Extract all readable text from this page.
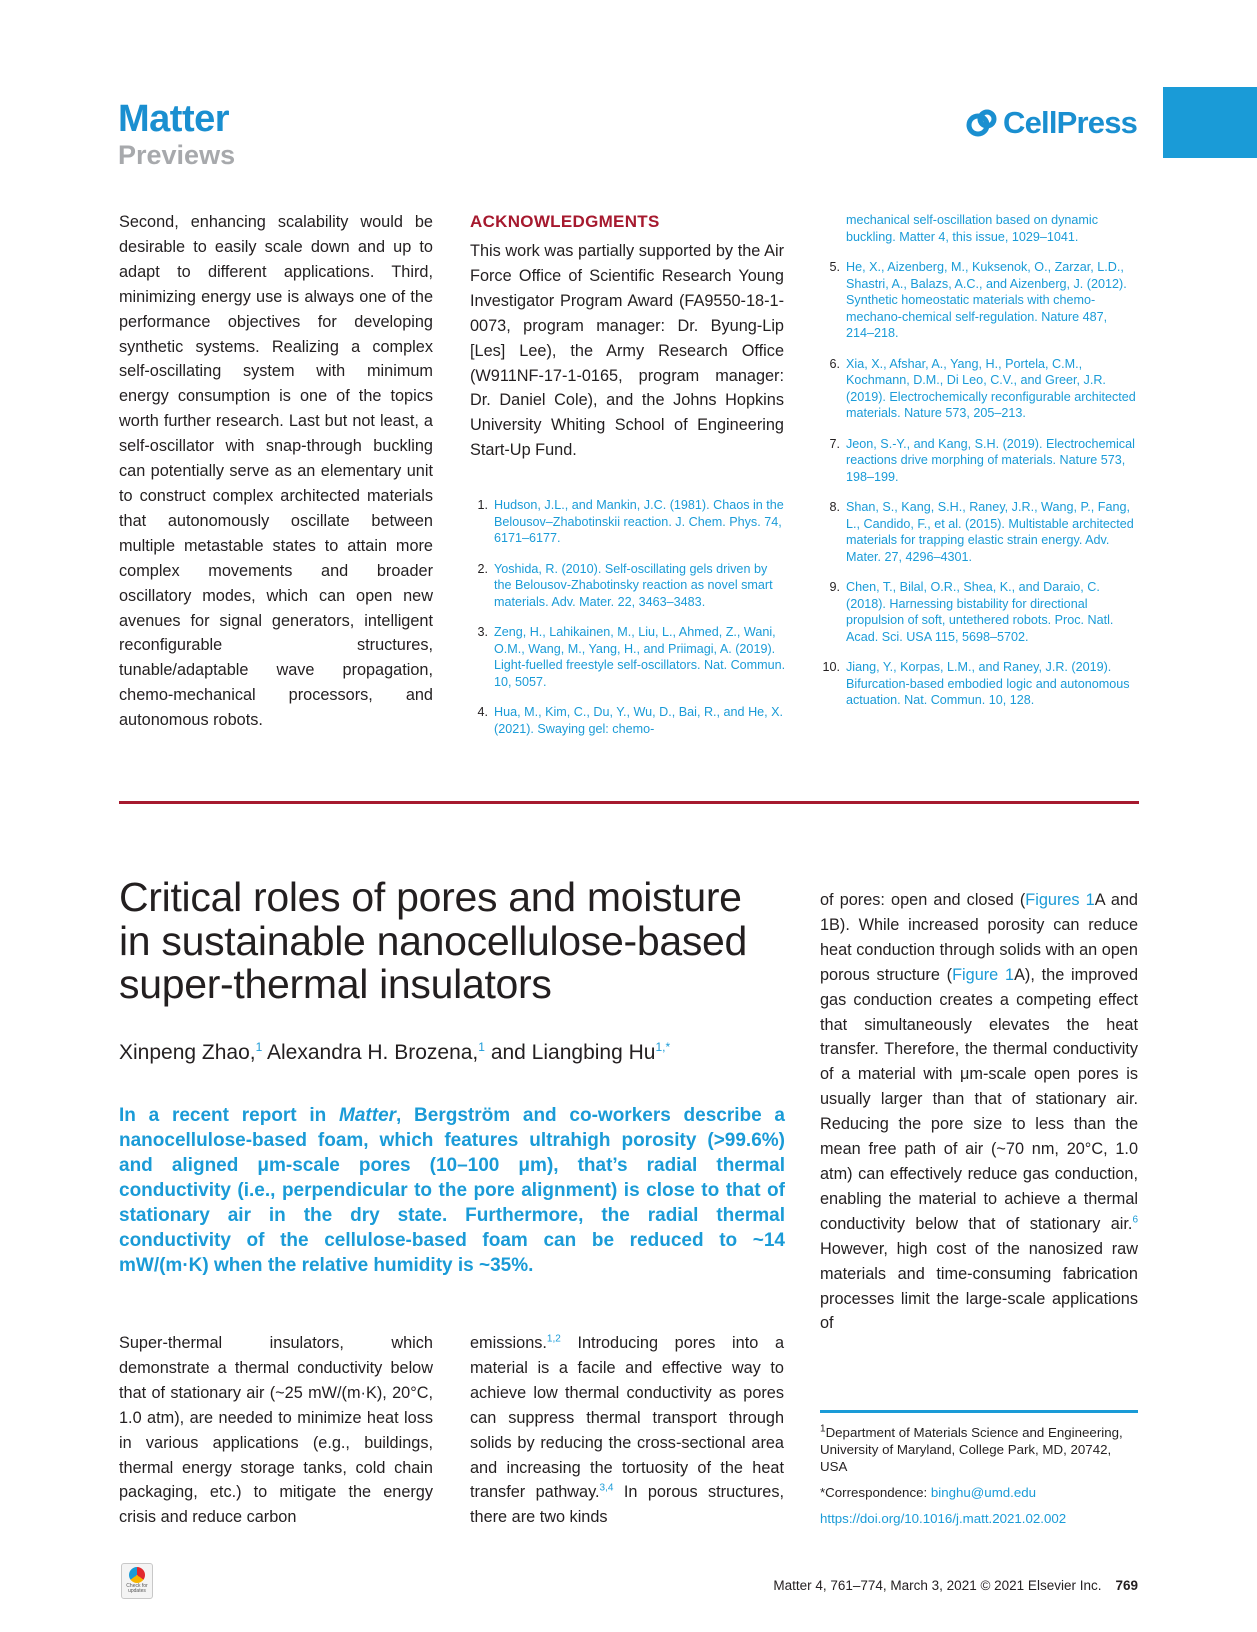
Matter
Previews
CellPress

Second, enhancing scalability would be desirable to easily scale down and up to adapt to different applications. Third, minimizing energy use is always one of the performance objectives for developing synthetic systems. Realizing a complex self-oscillating system with minimum energy consumption is one of the topics worth further research. Last but not least, a self-oscillator with snap-through buckling can potentially serve as an elementary unit to construct complex architected materials that autonomously oscillate between multiple metastable states to attain more complex movements and broader oscillatory modes, which can open new avenues for signal generators, intelligent reconfigurable structures, tunable/adaptable wave propagation, chemo-mechanical processors, and autonomous robots.

ACKNOWLEDGMENTS
This work was partially supported by the Air Force Office of Scientific Research Young Investigator Program Award (FA9550-18-1-0073, program manager: Dr. Byung-Lip [Les] Lee), the Army Research Office (W911NF-17-1-0165, program manager: Dr. Daniel Cole), and the Johns Hopkins University Whiting School of Engineering Start-Up Fund.
1. Hudson, J.L., and Mankin, J.C. (1981). Chaos in the Belousov–Zhabotinskii reaction. J. Chem. Phys. 74, 6171–6177.
2. Yoshida, R. (2010). Self-oscillating gels driven by the Belousov-Zhabotinsky reaction as novel smart materials. Adv. Mater. 22, 3463–3483.
3. Zeng, H., Lahikainen, M., Liu, L., Ahmed, Z., Wani, O.M., Wang, M., Yang, H., and Priimagi, A. (2019). Light-fuelled freestyle self-oscillators. Nat. Commun. 10, 5057.
4. Hua, M., Kim, C., Du, Y., Wu, D., Bai, R., and He, X. (2021). Swaying gel: chemo-
mechanical self-oscillation based on dynamic buckling. Matter 4, this issue, 1029–1041.
5. He, X., Aizenberg, M., Kuksenok, O., Zarzar, L.D., Shastri, A., Balazs, A.C., and Aizenberg, J. (2012). Synthetic homeostatic materials with chemo-mechano-chemical self-regulation. Nature 487, 214–218.
6. Xia, X., Afshar, A., Yang, H., Portela, C.M., Kochmann, D.M., Di Leo, C.V., and Greer, J.R. (2019). Electrochemically reconfigurable architected materials. Nature 573, 205–213.
7. Jeon, S.-Y., and Kang, S.H. (2019). Electrochemical reactions drive morphing of materials. Nature 573, 198–199.
8. Shan, S., Kang, S.H., Raney, J.R., Wang, P., Fang, L., Candido, F., et al. (2015). Multistable architected materials for trapping elastic strain energy. Adv. Mater. 27, 4296–4301.
9. Chen, T., Bilal, O.R., Shea, K., and Daraio, C. (2018). Harnessing bistability for directional propulsion of soft, untethered robots. Proc. Natl. Acad. Sci. USA 115, 5698–5702.
10. Jiang, Y., Korpas, L.M., and Raney, J.R. (2019). Bifurcation-based embodied logic and autonomous actuation. Nat. Commun. 10, 128.
Critical roles of pores and moisture in sustainable nanocellulose-based super-thermal insulators
Xinpeng Zhao,$^1$ Alexandra H. Brozena,$^1$ and Liangbing $Hu^{1,*}$
In a recent report in Matter, Bergström and co-workers describe a nanocellulose-based foam, which features ultrahigh porosity (>99.6%) and aligned μm-scale pores (10–100 μm), that’s radial thermal conductivity (i.e., perpendicular to the pore alignment) is close to that of stationary air in the dry state. Furthermore, the radial thermal conductivity of the cellulose-based foam can be reduced to ~14 mW/(m·K) when the relative humidity is ~35%.

Super-thermal insulators, which demonstrate a thermal conductivity below that of stationary air (~25 mW/(m·K), 20°C, 1.0 atm), are needed to minimize heat loss in various applications (e.g., buildings, thermal energy storage tanks, cold chain packaging, etc.) to mitigate the energy crisis and reduce carbon

emissions.$^{1,2}$ Introducing pores into a material is a facile and effective way to achieve low thermal conductivity as pores can suppress thermal transport through solids by reducing the cross-sectional area and increasing the tortuosity of the heat transfer pathway.$^{3,4}$ In porous structures, there are two kinds

of pores: open and closed (Figures 1A and 1B). While increased porosity can reduce heat conduction through solids with an open porous structure (Figure 1A), the improved gas conduction creates a competing effect that simultaneously elevates the heat transfer. Therefore, the thermal conductivity of a material with μm-scale open pores is usually larger than that of stationary air. Reducing the pore size to less than the mean free path of air (~70 nm, 20°C, 1.0 atm) can effectively reduce gas conduction, enabling the material to achieve a thermal conductivity below that of stationary air.$^6$ However, high cost of the nanosized raw materials and time-consuming fabrication processes limit the large-scale applications of

$^1$Department of Materials Science and Engineering, University of Maryland, College Park, MD, 20742, USA

*Correspondence: binghu@umd.edu

https://doi.org/10.1016/j.matt.2021.02.002

Check for updates	Matter 4, 761–774, March 3, 2021 © 2021 Elsevier Inc. 769
